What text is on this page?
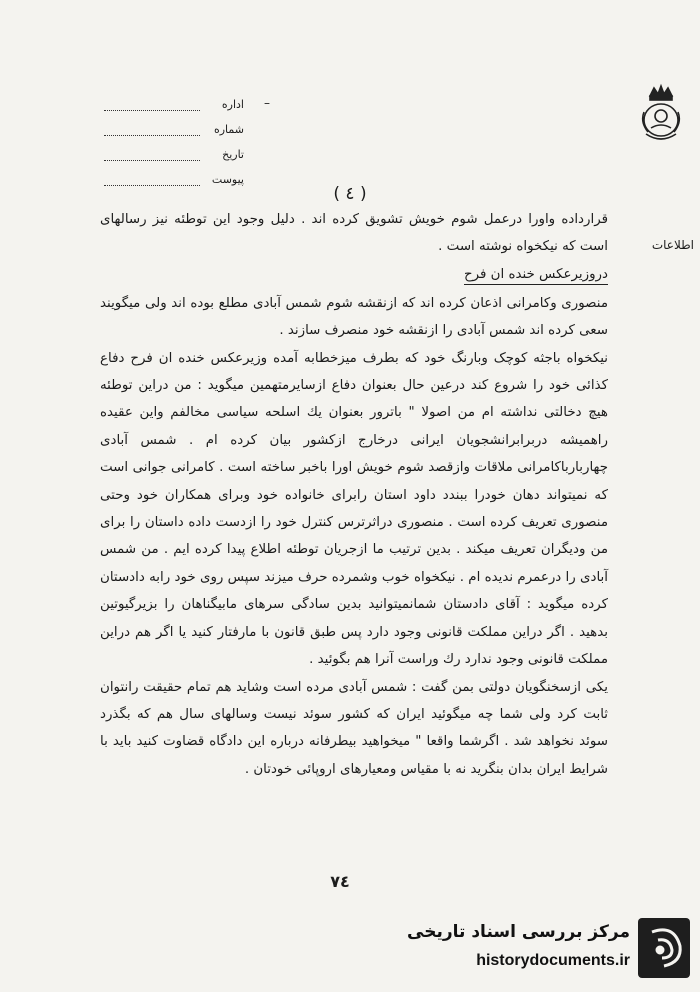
اطلاعات
اداره –
شماره
تاریخ
پیوست
( ٤ )

قرارداده واورا درعمل شوم خویش تشویق کرده اند . دلیل وجود این توطئه نیز رسالهای است که نیکخواه نوشته است .

دروزیرعکس خنده ان فرح

منصوری وکامرانی اذعان کرده اند که ازنقشه شوم شمس آبادی مطلع بوده اند ولی میگویند سعی کرده اند شمس آبادی را ازنقشه خود منصرف سازند .

نیکخواه باجثه کوچک وبارنگ خود که بطرف میزخطابه آمده وزیرعکس خنده ان فرح دفاع کذائی خود را شروع کند درعین حال بعنوان دفاع ازسایرمتهمین میگوید : من دراین توطئه هیچ دخالتی نداشته ام من اصولا " باترور بعنوان یك اسلحه سیاسی مخالفم واین عقیده راهمیشه دربرابرانشجویان ایرانی درخارج ازکشور بیان کرده ام . شمس آبادی چهاربارباکامرانی ملاقات وازقصد شوم خویش اورا باخبر ساخته است . کامرانی جوانی است که نمیتواند دهان خودرا ببندد داود استان رابرای خانواده خود وبرای همکاران خود وحتی منصوری تعریف کرده است . منصوری دراثرترس کنترل خود را ازدست داده داستان را برای من ودیگران تعریف میکند . بدین ترتیب ما ازجریان توطئه اطلاع پیدا کرده ایم . من شمس آبادی را درعمرم ندیده ام . نیکخواه خوب وشمرده حرف میزند سپس روی خود رابه دادستان کرده میگوید : آقای دادستان شمانمیتوانید بدین سادگی سرهای مابیگناهان را بزیرگیوتین بدهید . اگر دراین مملکت قانونی وجود دارد پس طبق قانون با مارفتار کنید یا اگر هم دراین مملکت قانونی وجود ندارد رك وراست آنرا هم بگوئید .

یکی ازسخنگویان دولتی بمن گفت : شمس آبادی مرده است وشاید هم تمام حقیقت رانتوان ثابت کرد ولی شما چه میگوئید ایران که کشور سوئد نیست وسالهای سال هم که بگذرد سوئد نخواهد شد . اگرشما واقعا " میخواهید بیطرفانه درباره این دادگاه قضاوت کنید باید با شرایط ایران بدان بنگرید نه با مقیاس ومعیارهای اروپائی خودتان .

٧٤
مرکز بررسی اسناد تاریخی
historydocuments.ir
